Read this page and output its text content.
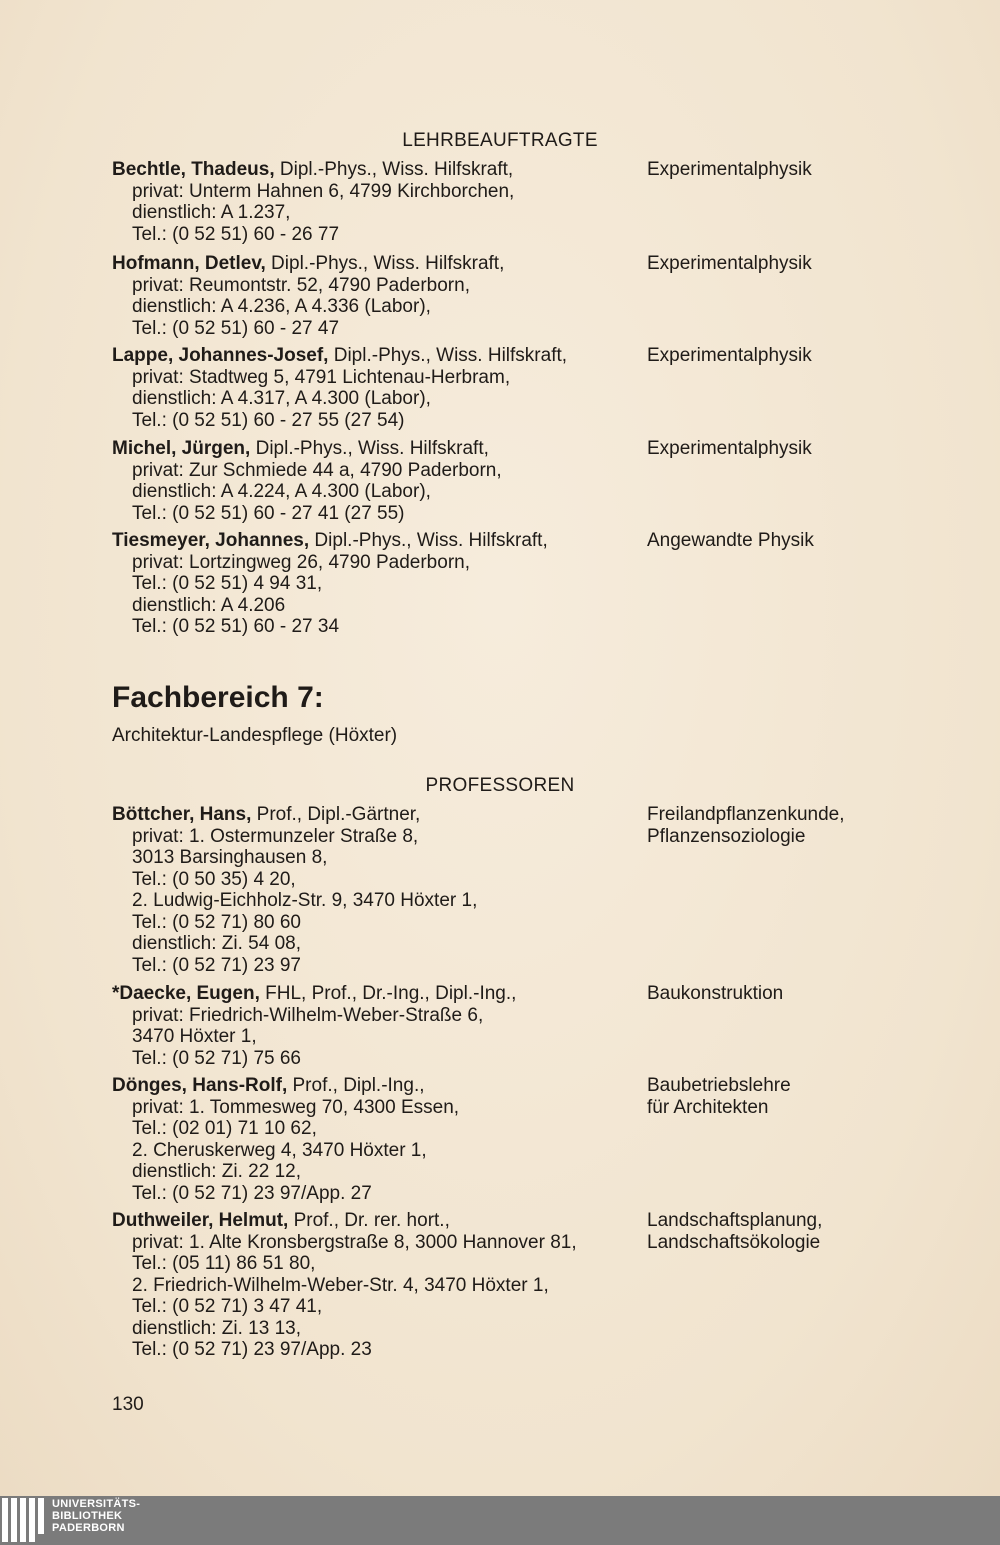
LEHRBEAUFTRAGTE
Bechtle, Thadeus, Dipl.-Phys., Wiss. Hilfskraft,
privat: Unterm Hahnen 6, 4799 Kirchborchen,
dienstlich: A 1.237,
Tel.: (0 52 51) 60 - 26 77
Experimentalphysik
Hofmann, Detlev, Dipl.-Phys., Wiss. Hilfskraft,
privat: Reumontstr. 52, 4790 Paderborn,
dienstlich: A 4.236, A 4.336 (Labor),
Tel.: (0 52 51) 60 - 27 47
Experimentalphysik
Lappe, Johannes-Josef, Dipl.-Phys., Wiss. Hilfskraft,
privat: Stadtweg 5, 4791 Lichtenau-Herbram,
dienstlich: A 4.317, A 4.300 (Labor),
Tel.: (0 52 51) 60 - 27 55 (27 54)
Experimentalphysik
Michel, Jürgen, Dipl.-Phys., Wiss. Hilfskraft,
privat: Zur Schmiede 44 a, 4790 Paderborn,
dienstlich: A 4.224, A 4.300 (Labor),
Tel.: (0 52 51) 60 - 27 41 (27 55)
Experimentalphysik
Tiesmeyer, Johannes, Dipl.-Phys., Wiss. Hilfskraft,
privat: Lortzingweg 26, 4790 Paderborn,
Tel.: (0 52 51) 4 94 31,
dienstlich: A 4.206
Tel.: (0 52 51) 60 - 27 34
Angewandte Physik
Fachbereich 7:
Architektur-Landespflege (Höxter)
PROFESSOREN
Böttcher, Hans, Prof., Dipl.-Gärtner,
privat: 1. Ostermunzeler Straße 8,
3013 Barsinghausen 8,
Tel.: (0 50 35) 4 20,
2. Ludwig-Eichholz-Str. 9, 3470 Höxter 1,
Tel.: (0 52 71) 80 60
dienstlich: Zi. 54 08,
Tel.: (0 52 71) 23 97
Freilandpflanzenkunde,
Pflanzensoziologie
*Daecke, Eugen, FHL, Prof., Dr.-Ing., Dipl.-Ing.,
privat: Friedrich-Wilhelm-Weber-Straße 6,
3470 Höxter 1,
Tel.: (0 52 71) 75 66
Baukonstruktion
Dönges, Hans-Rolf, Prof., Dipl.-Ing.,
privat: 1. Tommesweg 70, 4300 Essen,
Tel.: (02 01) 71 10 62,
2. Cheruskerweg 4, 3470 Höxter 1,
dienstlich: Zi. 22 12,
Tel.: (0 52 71) 23 97/App. 27
Baubetriebslehre
für Architekten
Duthweiler, Helmut, Prof., Dr. rer. hort.,
privat: 1. Alte Kronsbergstraße 8, 3000 Hannover 81,
Tel.: (05 11) 86 51 80,
2. Friedrich-Wilhelm-Weber-Str. 4, 3470 Höxter 1,
Tel.: (0 52 71) 3 47 41,
dienstlich: Zi. 13 13,
Tel.: (0 52 71) 23 97/App. 23
Landschaftsplanung,
Landschaftsökologie
130
UNIVERSITÄTS-
BIBLIOTHEK
PADERBORN
